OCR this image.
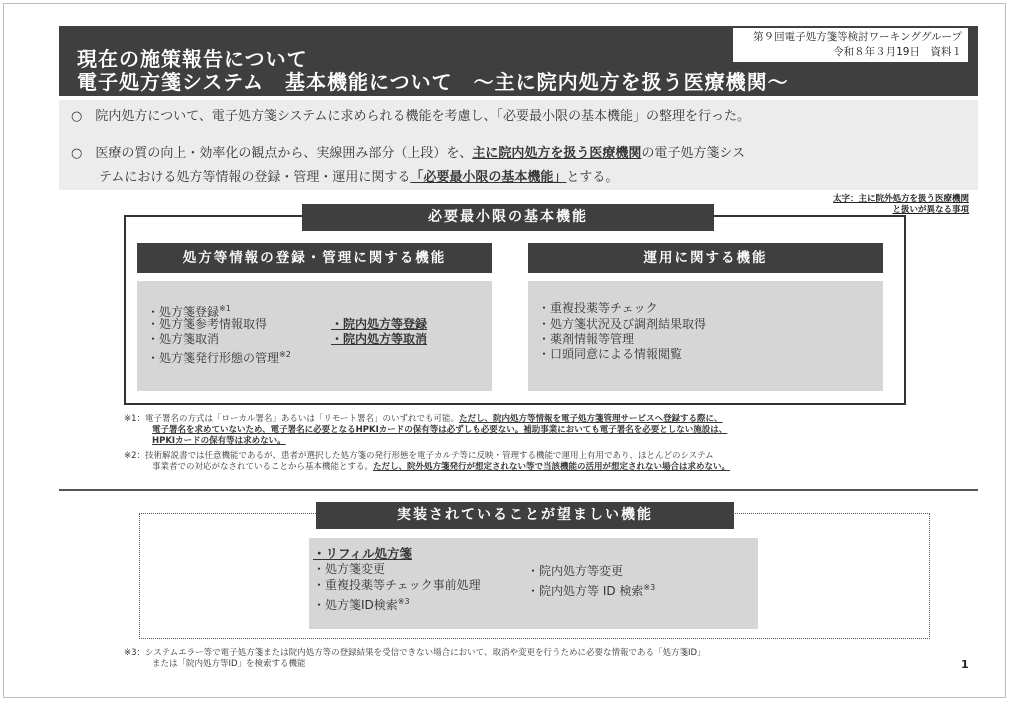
現在の施策報告について
電子処方箋システム　基本機能について　～主に院内処方を扱う医療機関～
第９回電子処方箋等検討ワーキンググループ
令和８年３月19日　資料１
○　院内処方について、電子処方箋システムに求められる機能を考慮し、「必要最小限の基本機能」の整理を行った。
○　医療の質の向上・効率化の観点から、実線囲み部分（上段）を、主に院内処方を扱う医療機関の電子処方箋シス
テムにおける処方等情報の登録・管理・運用に関する「必要最小限の基本機能」とする。
太字：主に院外処方を扱う医療機関
と扱いが異なる事項
必要最小限の基本機能
処方等情報の登録・管理に関する機能	運用に関する機能
・処方箋登録$^{※1}$
・処方箋参考情報取得
・処方箋取消
・処方箋発行形態の管理$^{※2}$
・院内処方等登録
・院内処方等取消
・重複投薬等チェック
・処方箋状況及び調剤結果取得
・薬剤情報等管理
・口頭同意による情報閲覧
※1：電子署名の方式は「ローカル署名」あるいは「リモート署名」のいずれでも可能。ただし、院内処方等情報を電子処方箋管理サービスへ登録する際に、
電子署名を求めていないため、電子署名に必要となるHPKIカードの保有等は必ずしも必要ない。補助事業においても電子署名を必要としない施設は、
HPKIカードの保有等は求めない。
※2：技術解説書では任意機能であるが、患者が選択した処方箋の発行形態を電子カルテ等に反映・管理する機能で運用上有用であり、ほとんどのシステム
事業者での対応がなされていることから基本機能とする。ただし、院外処方箋発行が想定されない等で当該機能の活用が想定されない場合は求めない。
実装されていることが望ましい機能
・リフィル処方箋
・処方箋変更
・重複投薬等チェック事前処理
・処方箋ID検索$^{※3}$
・院内処方等変更
・院内処方等 ID 検索$^{※3}$
※3：システムエラー等で電子処方箋または院内処方等の登録結果を受信できない場合において、取消や変更を行うために必要な情報である「処方箋ID」
または「院内処方等ID」を検索する機能	1
